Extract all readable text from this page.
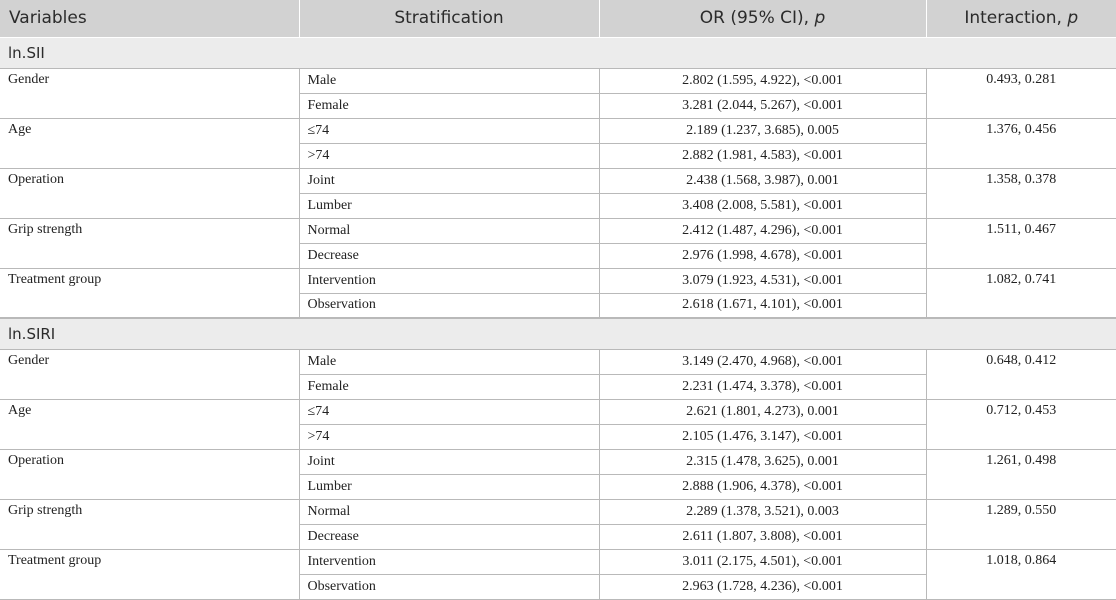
Variables	Stratification	OR (95% CI), p	Interaction, p
ln.SII			
Gender	Male	2.802 (1.595, 4.922), <0.001	0.493, 0.281
	Female	3.281 (2.044, 5.267), <0.001	
Age	≤74	2.189 (1.237, 3.685), 0.005	1.376, 0.456
	>74	2.882 (1.981, 4.583), <0.001	
Operation	Joint	2.438 (1.568, 3.987), 0.001	1.358, 0.378
	Lumber	3.408 (2.008, 5.581), <0.001	
Grip strength	Normal	2.412 (1.487, 4.296), <0.001	1.511, 0.467
	Decrease	2.976 (1.998, 4.678), <0.001	
Treatment group	Intervention	3.079 (1.923, 4.531), <0.001	1.082, 0.741
	Observation	2.618 (1.671, 4.101), <0.001	
ln.SIRI			
Gender	Male	3.149 (2.470, 4.968), <0.001	0.648, 0.412
	Female	2.231 (1.474, 3.378), <0.001	
Age	≤74	2.621 (1.801, 4.273), 0.001	0.712, 0.453
	>74	2.105 (1.476, 3.147), <0.001	
Operation	Joint	2.315 (1.478, 3.625), 0.001	1.261, 0.498
	Lumber	2.888 (1.906, 4.378), <0.001	
Grip strength	Normal	2.289 (1.378, 3.521), 0.003	1.289, 0.550
	Decrease	2.611 (1.807, 3.808), <0.001	
Treatment group	Intervention	3.011 (2.175, 4.501), <0.001	1.018, 0.864
	Observation	2.963 (1.728, 4.236), <0.001	
